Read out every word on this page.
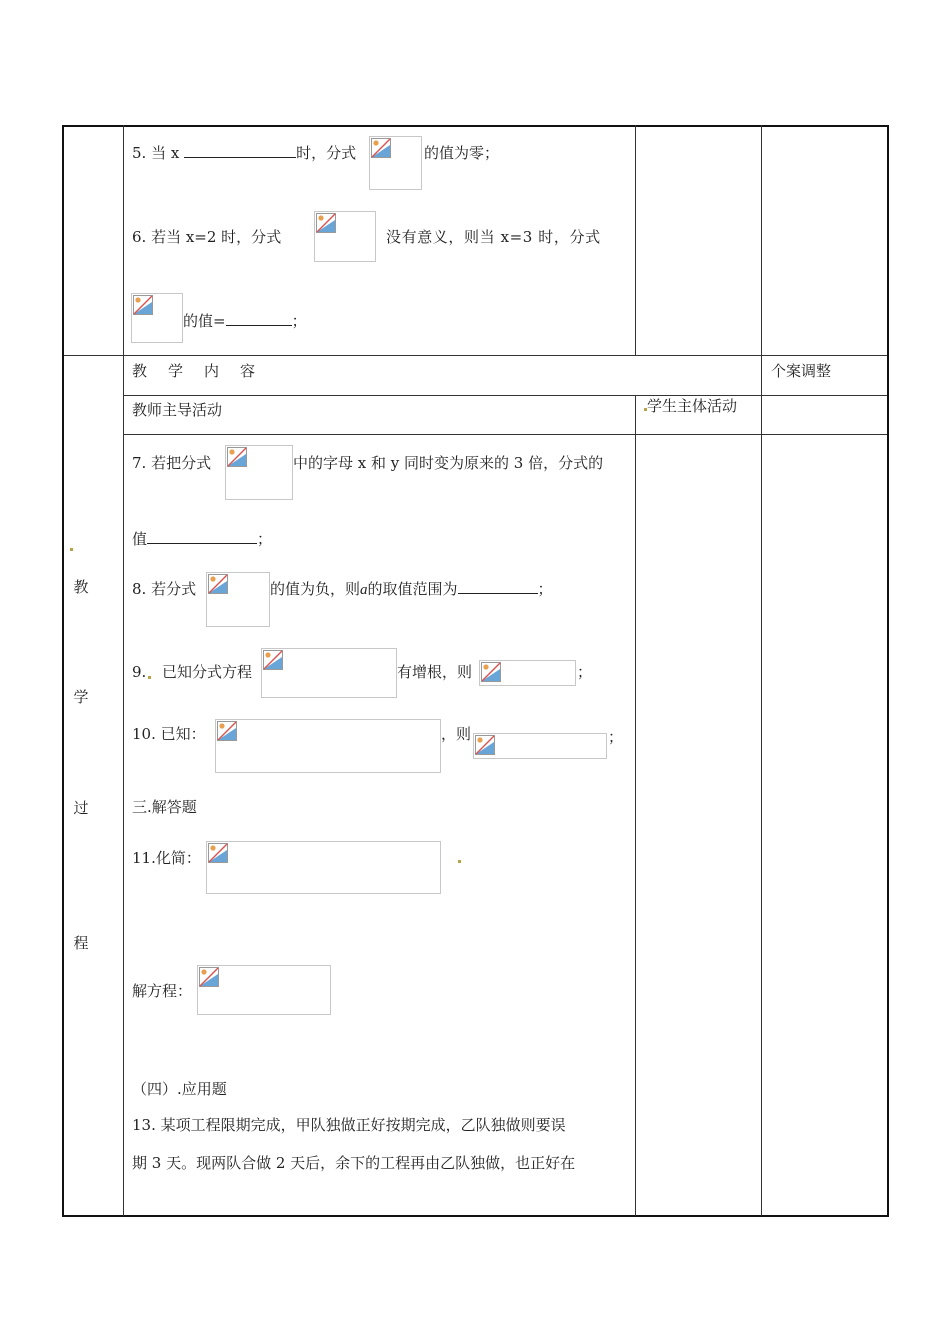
5. 当 x	时，分式	的值为零；
6. 若当 x=2 时，分式	没有意义，则当 x=3 时，分式
的值=	；
教　学　内　容	个案调整
教师主导活动	学生主体活动
教
学
过
程
7. 若把分式	中的字母 x 和 y 同时变为原来的 3 倍，分式的
值	；
8. 若分式	的值为负，则a的取值范围为	；
9. 已知分式方程	有增根，则	；
10. 已知：	，则	；
三.解答题
11.化简：
解方程：
（四）.应用题
13. 某项工程限期完成，甲队独做正好按期完成，乙队独做则要误
期 3 天。现两队合做 2 天后，余下的工程再由乙队独做，也正好在
